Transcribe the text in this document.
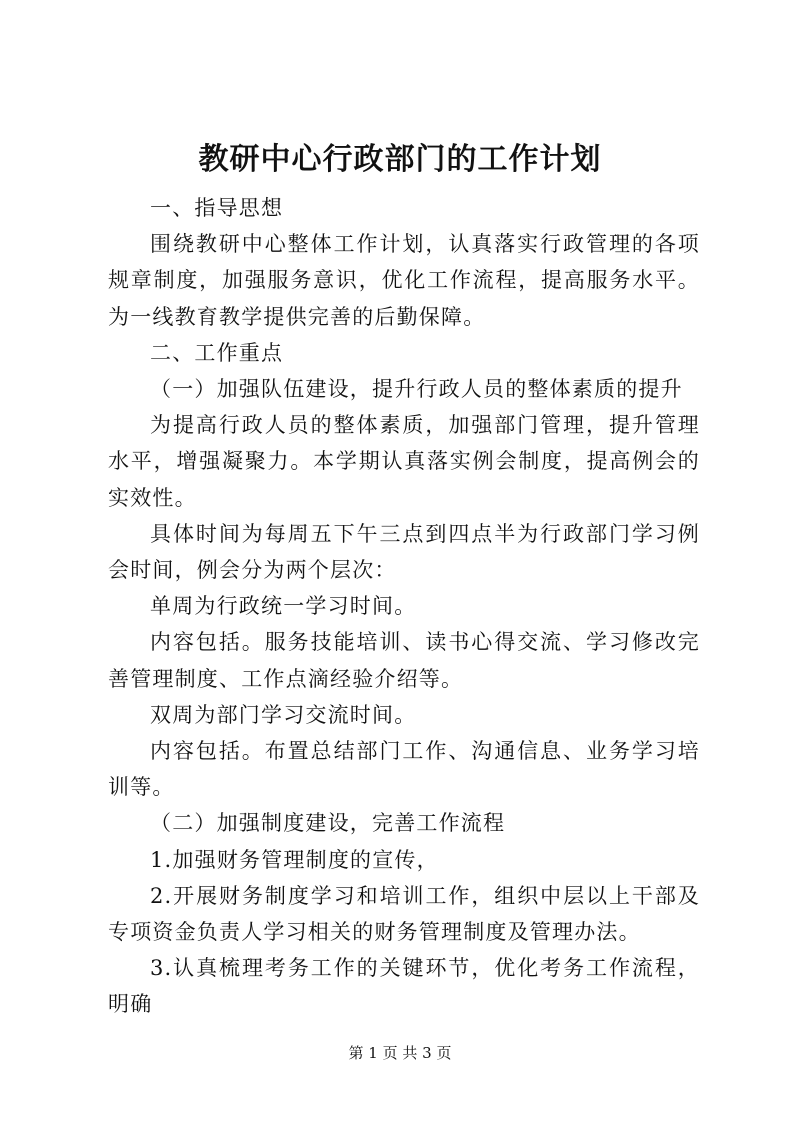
教研中心行政部门的工作计划

一、指导思想

围绕教研中心整体工作计划，认真落实行政管理的各项规章制度，加强服务意识，优化工作流程，提高服务水平。为一线教育教学提供完善的后勤保障。

二、工作重点

（一）加强队伍建设，提升行政人员的整体素质的提升

为提高行政人员的整体素质，加强部门管理，提升管理水平，增强凝聚力。本学期认真落实例会制度，提高例会的实效性。

具体时间为每周五下午三点到四点半为行政部门学习例会时间，例会分为两个层次：

单周为行政统一学习时间。

内容包括。服务技能培训、读书心得交流、学习修改完善管理制度、工作点滴经验介绍等。

双周为部门学习交流时间。

内容包括。布置总结部门工作、沟通信息、业务学习培训等。

（二）加强制度建设，完善工作流程

1.加强财务管理制度的宣传，

2.开展财务制度学习和培训工作，组织中层以上干部及专项资金负责人学习相关的财务管理制度及管理办法。

3.认真梳理考务工作的关键环节，优化考务工作流程，明确

第 1 页 共 3 页
